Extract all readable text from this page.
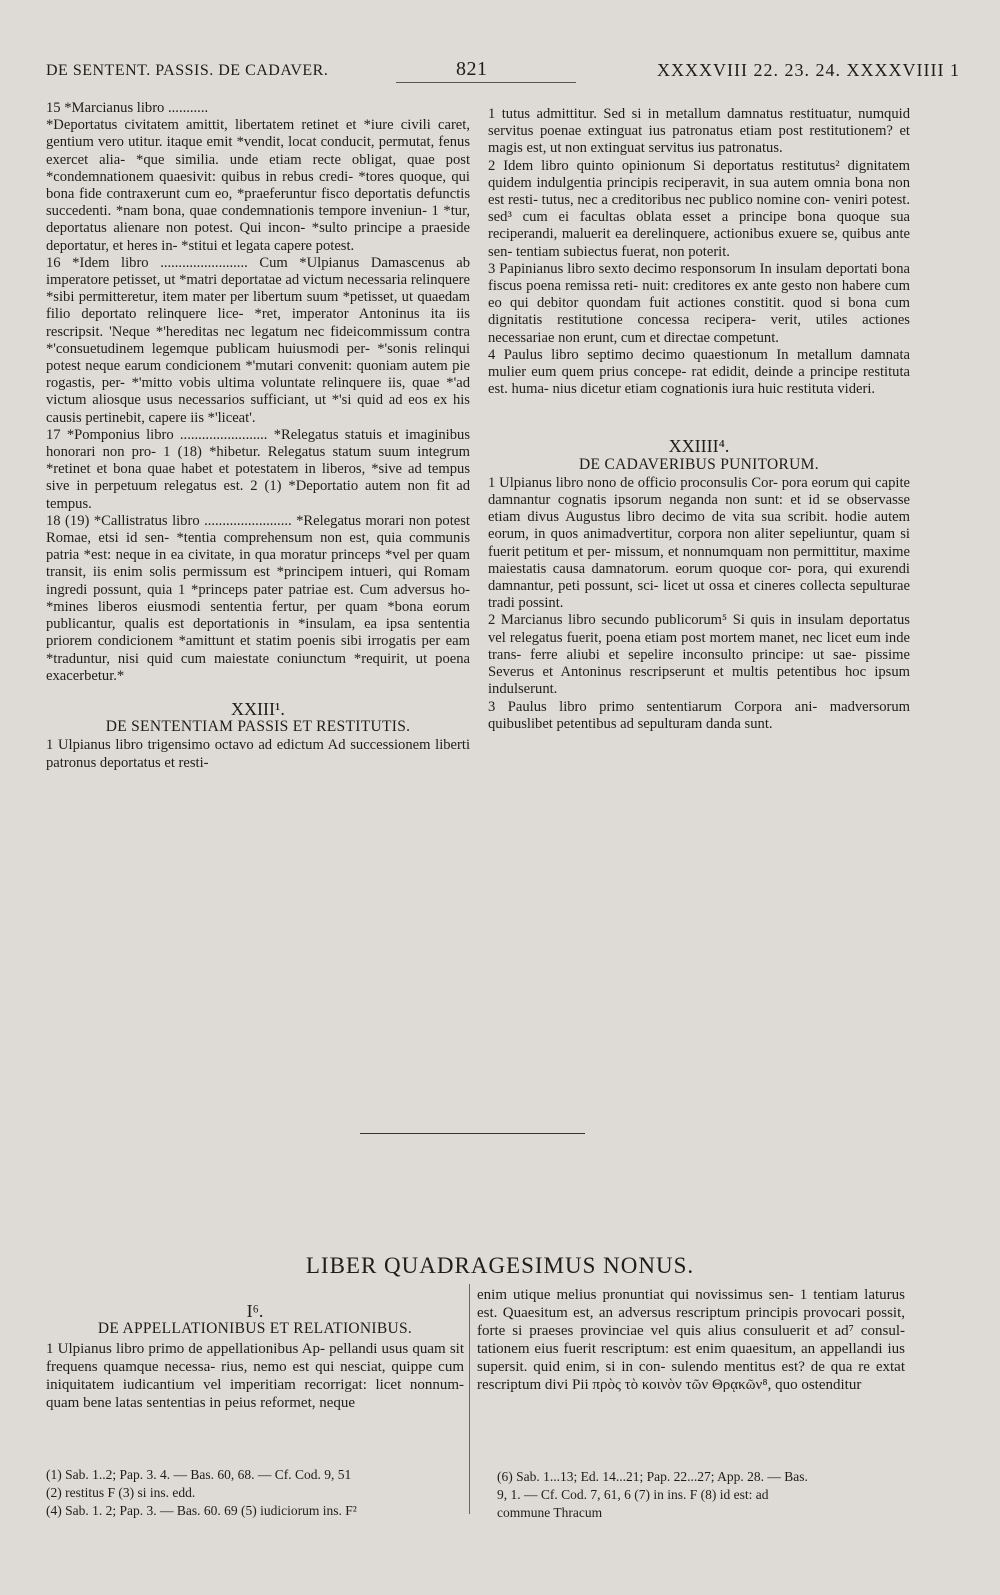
DE SENTENT. PASSIS. DE CADAVER.	821	XXXXVIII 22. 23. 24. XXXXVIIII 1

15 *Marcianus libro ...........

*Deportatus civitatem amittit, libertatem retinet et *iure civili caret, gentium vero utitur. itaque emit *vendit, locat conducit, permutat, fenus exercet alia- *que similia. unde etiam recte obligat, quae post *condemnationem quaesivit: quibus in rebus credi- *tores quoque, qui bona fide contraxerunt cum eo, *praeferuntur fisco deportatis defunctis succedenti. *nam bona, quae condemnationis tempore inveniun- 1 *tur, deportatus alienare non potest. Qui incon- *sulto principe a praeside deportatur, et heres in- *stitui et legata capere potest.

16 *Idem libro ........................ Cum *Ulpianus Damascenus ab imperatore petisset, ut *matri deportatae ad victum necessaria relinquere *sibi permitteretur, item mater per libertum suum *petisset, ut quaedam filio deportato relinquere lice- *ret, imperator Antoninus ita iis rescripsit. 'Neque *'hereditas nec legatum nec fideicommissum contra *'consuetudinem legemque publicam huiusmodi per- *'sonis relinqui potest neque earum condicionem *'mutari convenit: quoniam autem pie rogastis, per- *'mitto vobis ultima voluntate relinquere iis, quae *'ad victum aliosque usus necessarios sufficiant, ut *'si quid ad eos ex his causis pertinebit, capere iis *'liceat'.

17 *Pomponius libro ........................ *Relegatus statuis et imaginibus honorari non pro- 1 (18) *hibetur. Relegatus statum suum integrum *retinet et bona quae habet et potestatem in liberos, *sive ad tempus sive in perpetuum relegatus est. 2 (1) *Deportatio autem non fit ad tempus.

18 (19) *Callistratus libro ........................ *Relegatus morari non potest Romae, etsi id sen- *tentia comprehensum non est, quia communis patria *est: neque in ea civitate, in qua moratur princeps *vel per quam transit, iis enim solis permissum est *principem intueri, qui Romam ingredi possunt, quia 1 *princeps pater patriae est. Cum adversus ho- *mines liberos eiusmodi sententia fertur, per quam *bona eorum publicantur, qualis est deportationis in *insulam, ea ipsa sententia priorem condicionem *amittunt et statim poenis sibi irrogatis per eam *traduntur, nisi quid cum maiestate coniunctum *requirit, ut poena exacerbetur.*

XXIII¹.
DE SENTENTIAM PASSIS ET RESTITUTIS.

1 Ulpianus libro trigensimo octavo ad edictum Ad successionem liberti patronus deportatus et resti-

1 tutus admittitur. Sed si in metallum damnatus restituatur, numquid servitus poenae extinguat ius patronatus etiam post restitutionem? et magis est, ut non extinguat servitus ius patronatus.

2 Idem libro quinto opinionum Si deportatus restitutus² dignitatem quidem indulgentia principis reciperavit, in sua autem omnia bona non est resti- tutus, nec a creditoribus nec publico nomine con- veniri potest. sed³ cum ei facultas oblata esset a principe bona quoque sua reciperandi, maluerit ea derelinquere, actionibus exuere se, quibus ante sen- tentiam subiectus fuerat, non poterit.

3 Papinianus libro sexto decimo responsorum In insulam deportati bona fiscus poena remissa reti- nuit: creditores ex ante gesto non habere cum eo qui debitor quondam fuit actiones constitit. quod si bona cum dignitatis restitutione concessa recipera- verit, utiles actiones necessariae non erunt, cum et directae competunt.

4 Paulus libro septimo decimo quaestionum In metallum damnata mulier eum quem prius concepe- rat edidit, deinde a principe restituta est. huma- nius dicetur etiam cognationis iura huic restituta videri.

XXIIII⁴.
DE CADAVERIBUS PUNITORUM.

1 Ulpianus libro nono de officio proconsulis Cor- pora eorum qui capite damnantur cognatis ipsorum neganda non sunt: et id se observasse etiam divus Augustus libro decimo de vita sua scribit. hodie autem eorum, in quos animadvertitur, corpora non aliter sepeliuntur, quam si fuerit petitum et per- missum, et nonnumquam non permittitur, maxime maiestatis causa damnatorum. eorum quoque cor- pora, qui exurendi damnantur, peti possunt, sci- licet ut ossa et cineres collecta sepulturae tradi possint.

2 Marcianus libro secundo publicorum⁵ Si quis in insulam deportatus vel relegatus fuerit, poena etiam post mortem manet, nec licet eum inde trans- ferre aliubi et sepelire inconsulto principe: ut sae- pissime Severus et Antoninus rescripserunt et multis petentibus hoc ipsum indulserunt.

3 Paulus libro primo sententiarum Corpora ani- madversorum quibuslibet petentibus ad sepulturam danda sunt.

LIBER QUADRAGESIMUS NONUS.
I⁶.
DE APPELLATIONIBUS ET RELATIONIBUS.

1 Ulpianus libro primo de appellationibus Ap- pellandi usus quam sit frequens quamque necessa- rius, nemo est qui nesciat, quippe cum iniquitatem iudicantium vel imperitiam recorrigat: licet nonnum- quam bene latas sententias in peius reformet, neque

enim utique melius pronuntiat qui novissimus sen- 1 tentiam laturus est. Quaesitum est, an adversus rescriptum principis provocari possit, forte si praeses provinciae vel quis alius consuluerit et ad⁷ consul- tationem eius fuerit rescriptum: est enim quaesitum, an appellandi ius supersit. quid enim, si in con- sulendo mentitus est? de qua re extat rescriptum divi Pii πρὸς τὸ κοινὸν τῶν Θρᾳκῶν⁸, quo ostenditur

(1) Sab. 1..2; Pap. 3. 4. — Bas. 60, 68. — Cf. Cod. 9, 51
(2) restitus F (3) si ins. edd.
(4) Sab. 1. 2; Pap. 3. — Bas. 60. 69 (5) iudiciorum ins. F²
(6) Sab. 1...13; Ed. 14...21; Pap. 22...27; App. 28. — Bas.
9, 1. — Cf. Cod. 7, 61, 6 (7) in ins. F (8) id est: ad
commune Thracum
